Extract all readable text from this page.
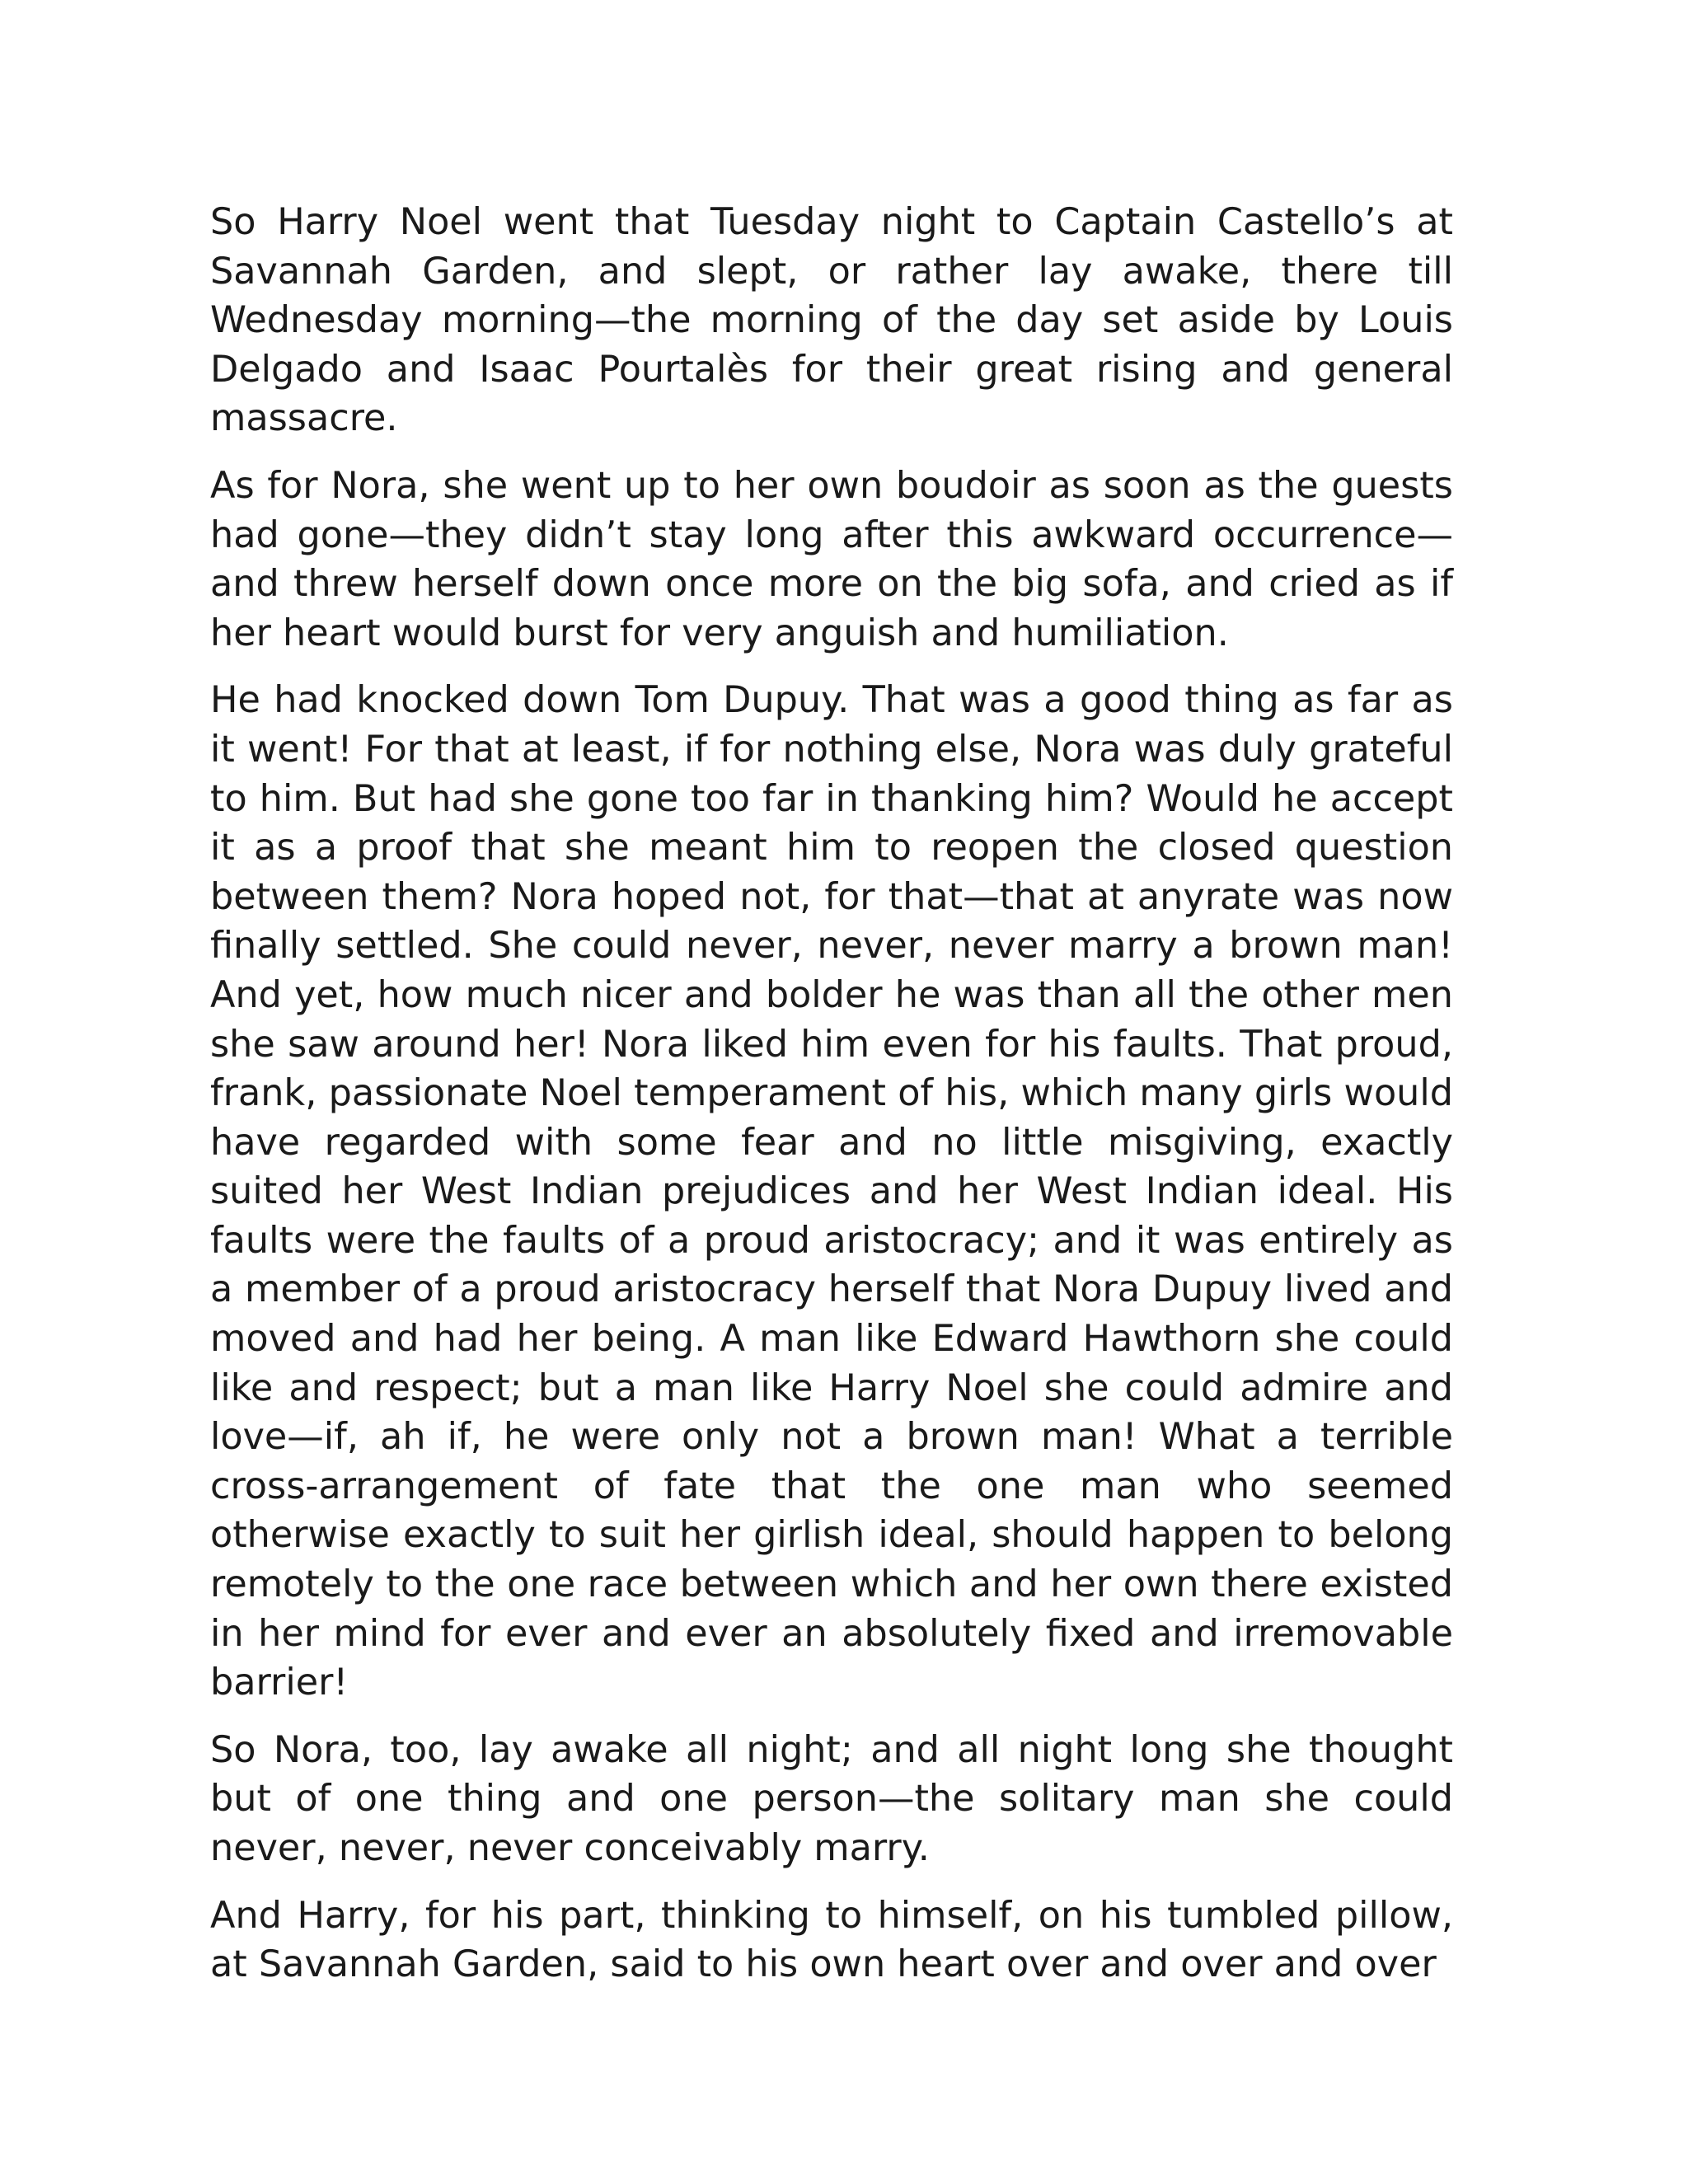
So Harry Noel went that Tuesday night to Captain Castello’s at Savannah Garden, and slept, or rather lay awake, there till Wednesday morning—the morning of the day set aside by Louis Delgado and Isaac Pourtalès for their great rising and general massacre.

As for Nora, she went up to her own boudoir as soon as the guests had gone—they didn’t stay long after this awkward occurrence—and threw herself down once more on the big sofa, and cried as if her heart would burst for very anguish and humiliation.

He had knocked down Tom Dupuy. That was a good thing as far as it went! For that at least, if for nothing else, Nora was duly grateful to him. But had she gone too far in thanking him? Would he accept it as a proof that she meant him to reopen the closed question between them? Nora hoped not, for that—that at anyrate was now finally settled. She could never, never, never marry a brown man! And yet, how much nicer and bolder he was than all the other men she saw around her! Nora liked him even for his faults. That proud, frank, passionate Noel temperament of his, which many girls would have regarded with some fear and no little misgiving, exactly suited her West Indian prejudices and her West Indian ideal. His faults were the faults of a proud aristocracy; and it was entirely as a member of a proud aristocracy herself that Nora Dupuy lived and moved and had her being. A man like Edward Hawthorn she could like and respect; but a man like Harry Noel she could admire and love—if, ah if, he were only not a brown man! What a terrible cross-arrangement of fate that the one man who seemed otherwise exactly to suit her girlish ideal, should happen to belong remotely to the one race between which and her own there existed in her mind for ever and ever an absolutely fixed and irremovable barrier!

So Nora, too, lay awake all night; and all night long she thought but of one thing and one person—the solitary man she could never, never, never conceivably marry.

And Harry, for his part, thinking to himself, on his tumbled pillow, at Savannah Garden, said to his own heart over and over and over
